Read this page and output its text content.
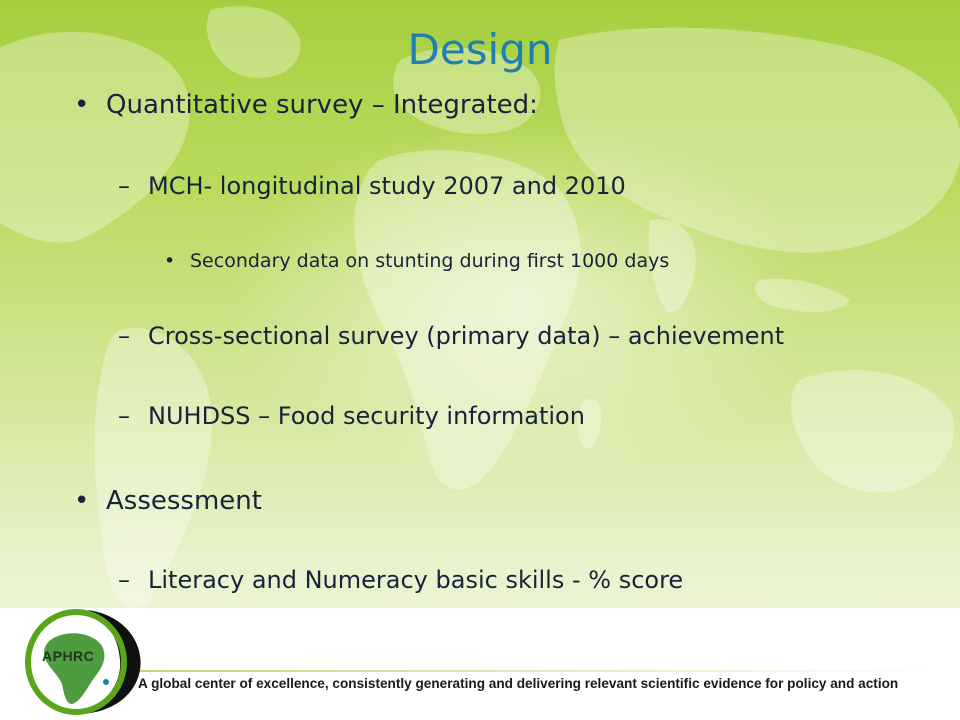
Design
• Quantitative survey – Integrated:
– MCH- longitudinal study 2007 and 2010
• Secondary data on stunting during first 1000 days
– Cross-sectional survey (primary data) – achievement
– NUHDSS – Food security information
• Assessment
– Literacy and Numeracy basic skills - % score
APHRC
A global center of excellence, consistently generating and delivering relevant scientific evidence for policy and action
